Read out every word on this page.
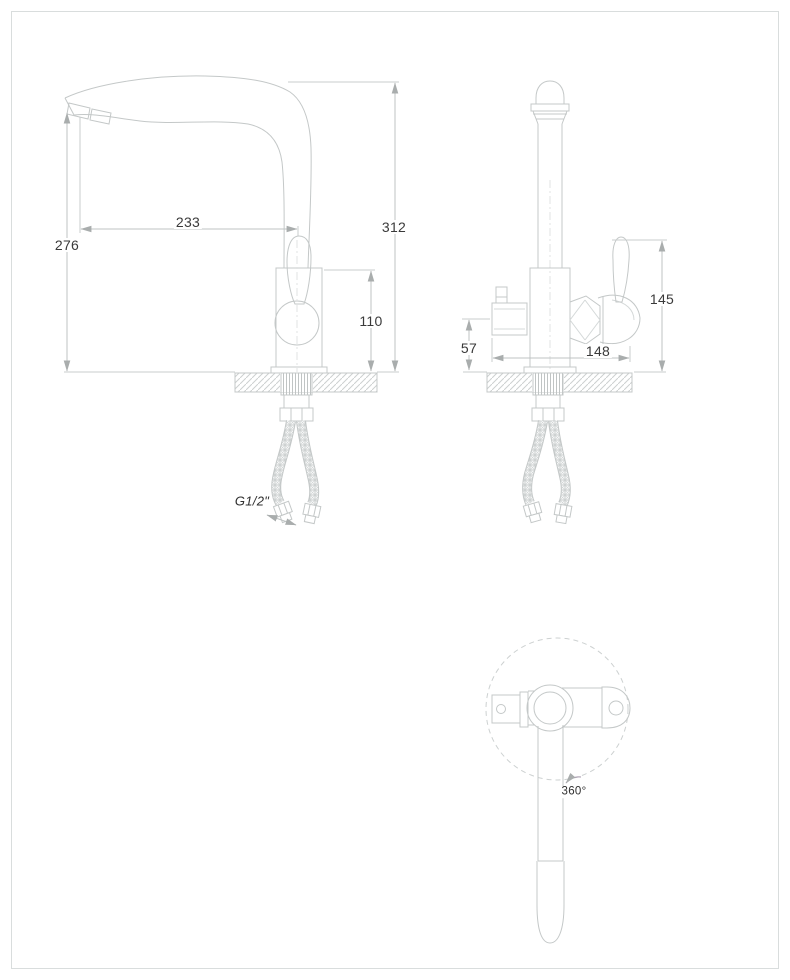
276
233	312
110
57	148
145
G1/2"
360°
